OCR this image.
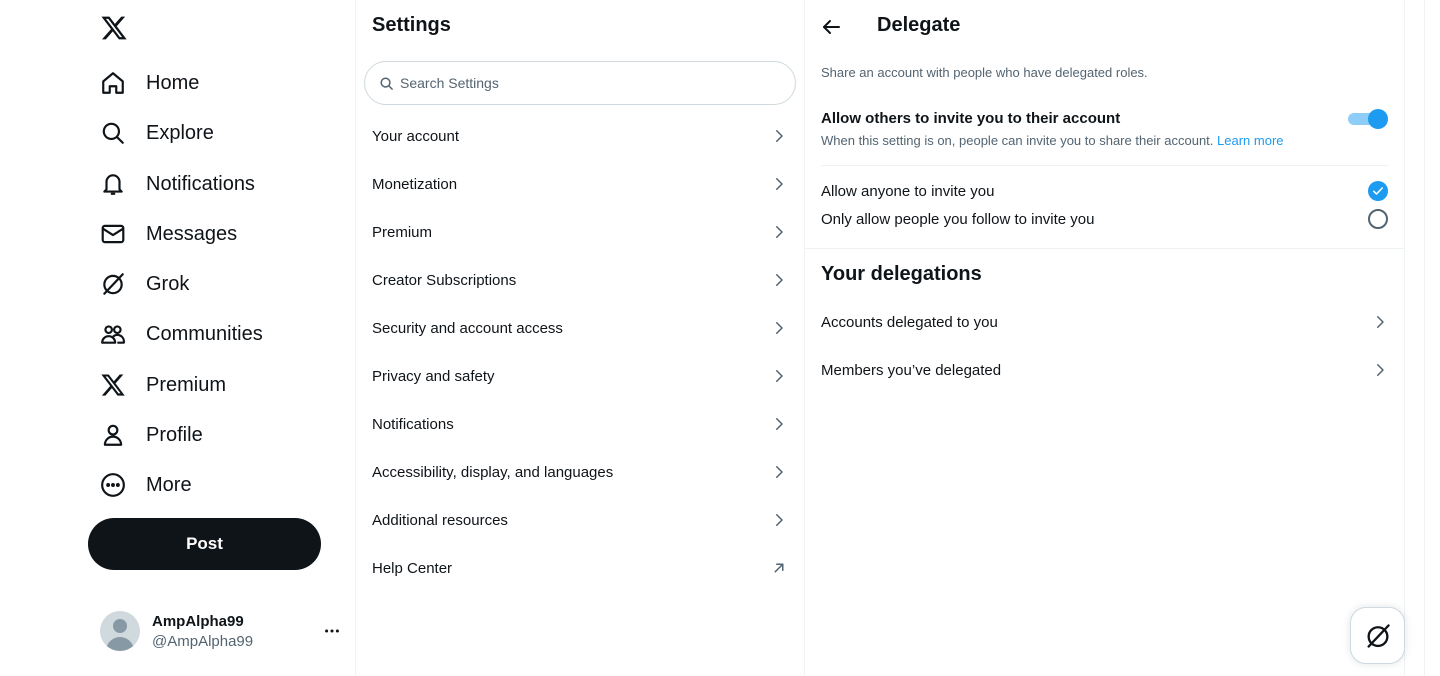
Home
Explore
Notifications
Messages
Grok
Communities
Premium
Profile
More
Post
AmpAlpha99
@AmpAlpha99
Settings
Search Settings
Your account
Monetization
Premium
Creator Subscriptions
Security and account access
Privacy and safety
Notifications
Accessibility, display, and languages
Additional resources
Help Center
Delegate

Share an account with people who have delegated roles.

Allow others to invite you to their account
When this setting is on, people can invite you to share their account. Learn more
Allow anyone to invite you
Only allow people you follow to invite you
Your delegations
Accounts delegated to you
Members you’ve delegated
